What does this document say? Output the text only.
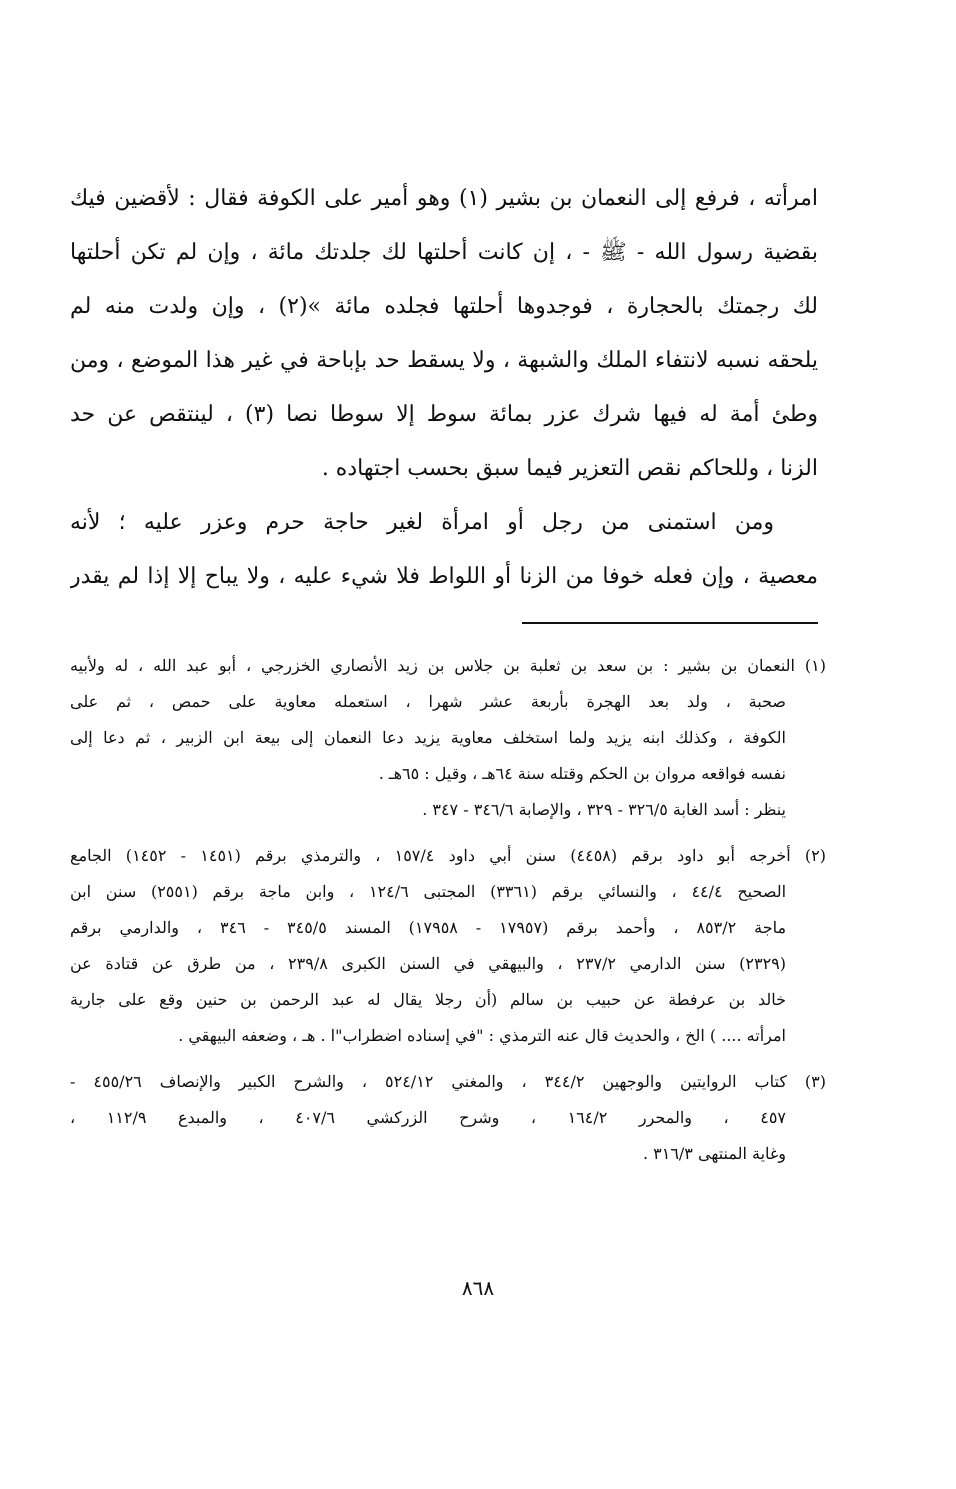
امرأته ، فرفع إلى النعمان بن بشير (١) وهو أمير على الكوفة فقال : لأقضين فيك
بقضية رسول الله - ﷺ - ، إن كانت أحلتها لك جلدتك مائة ، وإن لم تكن أحلتها
لك رجمتك بالحجارة ، فوجدوها أحلتها فجلده مائة »(٢) ، وإن ولدت منه لم
يلحقه نسبه لانتفاء الملك والشبهة ، ولا يسقط حد بإباحة في غير هذا الموضع ، ومن
وطئ أمة له فيها شرك عزر بمائة سوط إلا سوطا نصا (٣) ، لينتقص عن حد
الزنا ، وللحاكم نقص التعزير فيما سبق بحسب اجتهاده .
ومن استمنى من رجل أو امرأة لغير حاجة حرم وعزر عليه ؛ لأنه
معصية ، وإن فعله خوفا من الزنا أو اللواط فلا شيء عليه ، ولا يباح إلا إذا لم يقدر
(١) النعمان بن بشير : بن سعد بن ثعلبة بن جلاس بن زيد الأنصاري الخزرجي ، أبو عبد الله ، له ولأبيه
صحبة ، ولد بعد الهجرة بأربعة عشر شهرا ، استعمله معاوية على حمص ، ثم على
الكوفة ، وكذلك ابنه يزيد ولما استخلف معاوية يزيد دعا النعمان إلى بيعة ابن الزبير ، ثم دعا إلى
نفسه فواقعه مروان بن الحكم وقتله سنة ٦٤هـ ، وقيل : ٦٥هـ .
ينظر : أسد الغابة ٣٢٦/٥ - ٣٢٩ ، والإصابة ٣٤٦/٦ - ٣٤٧ .
(٢) أخرجه أبو داود برقم (٤٤٥٨) سنن أبي داود ١٥٧/٤ ، والترمذي برقم (١٤٥١ - ١٤٥٢) الجامع
الصحيح ٤٤/٤ ، والنسائي برقم (٣٣٦١) المجتبى ١٢٤/٦ ، وابن ماجة برقم (٢٥٥١) سنن ابن
ماجة ٨٥٣/٢ ، وأحمد برقم (١٧٩٥٧ - ١٧٩٥٨) المسند ٣٤٥/٥ - ٣٤٦ ، والدارمي برقم
(٢٣٢٩) سنن الدارمي ٢٣٧/٢ ، والبيهقي في السنن الكبرى ٢٣٩/٨ ، من طرق عن قتادة عن
خالد بن عرفطة عن حبيب بن سالم (أن رجلا يقال له عبد الرحمن بن حنين وقع على جارية
امرأته .... ) الخ ، والحديث قال عنه الترمذي : "في إسناده اضطراب"ا . هـ ، وضعفه البيهقي .
(٣) كتاب الروايتين والوجهين ٣٤٤/٢ ، والمغني ٥٢٤/١٢ ، والشرح الكبير والإنصاف ٤٥٥/٢٦ -
٤٥٧ ، والمحرر ١٦٤/٢ ، وشرح الزركشي ٤٠٧/٦ ، والمبدع ١١٢/٩ ،
وغاية المنتهى ٣١٦/٣ .
٨٦٨
